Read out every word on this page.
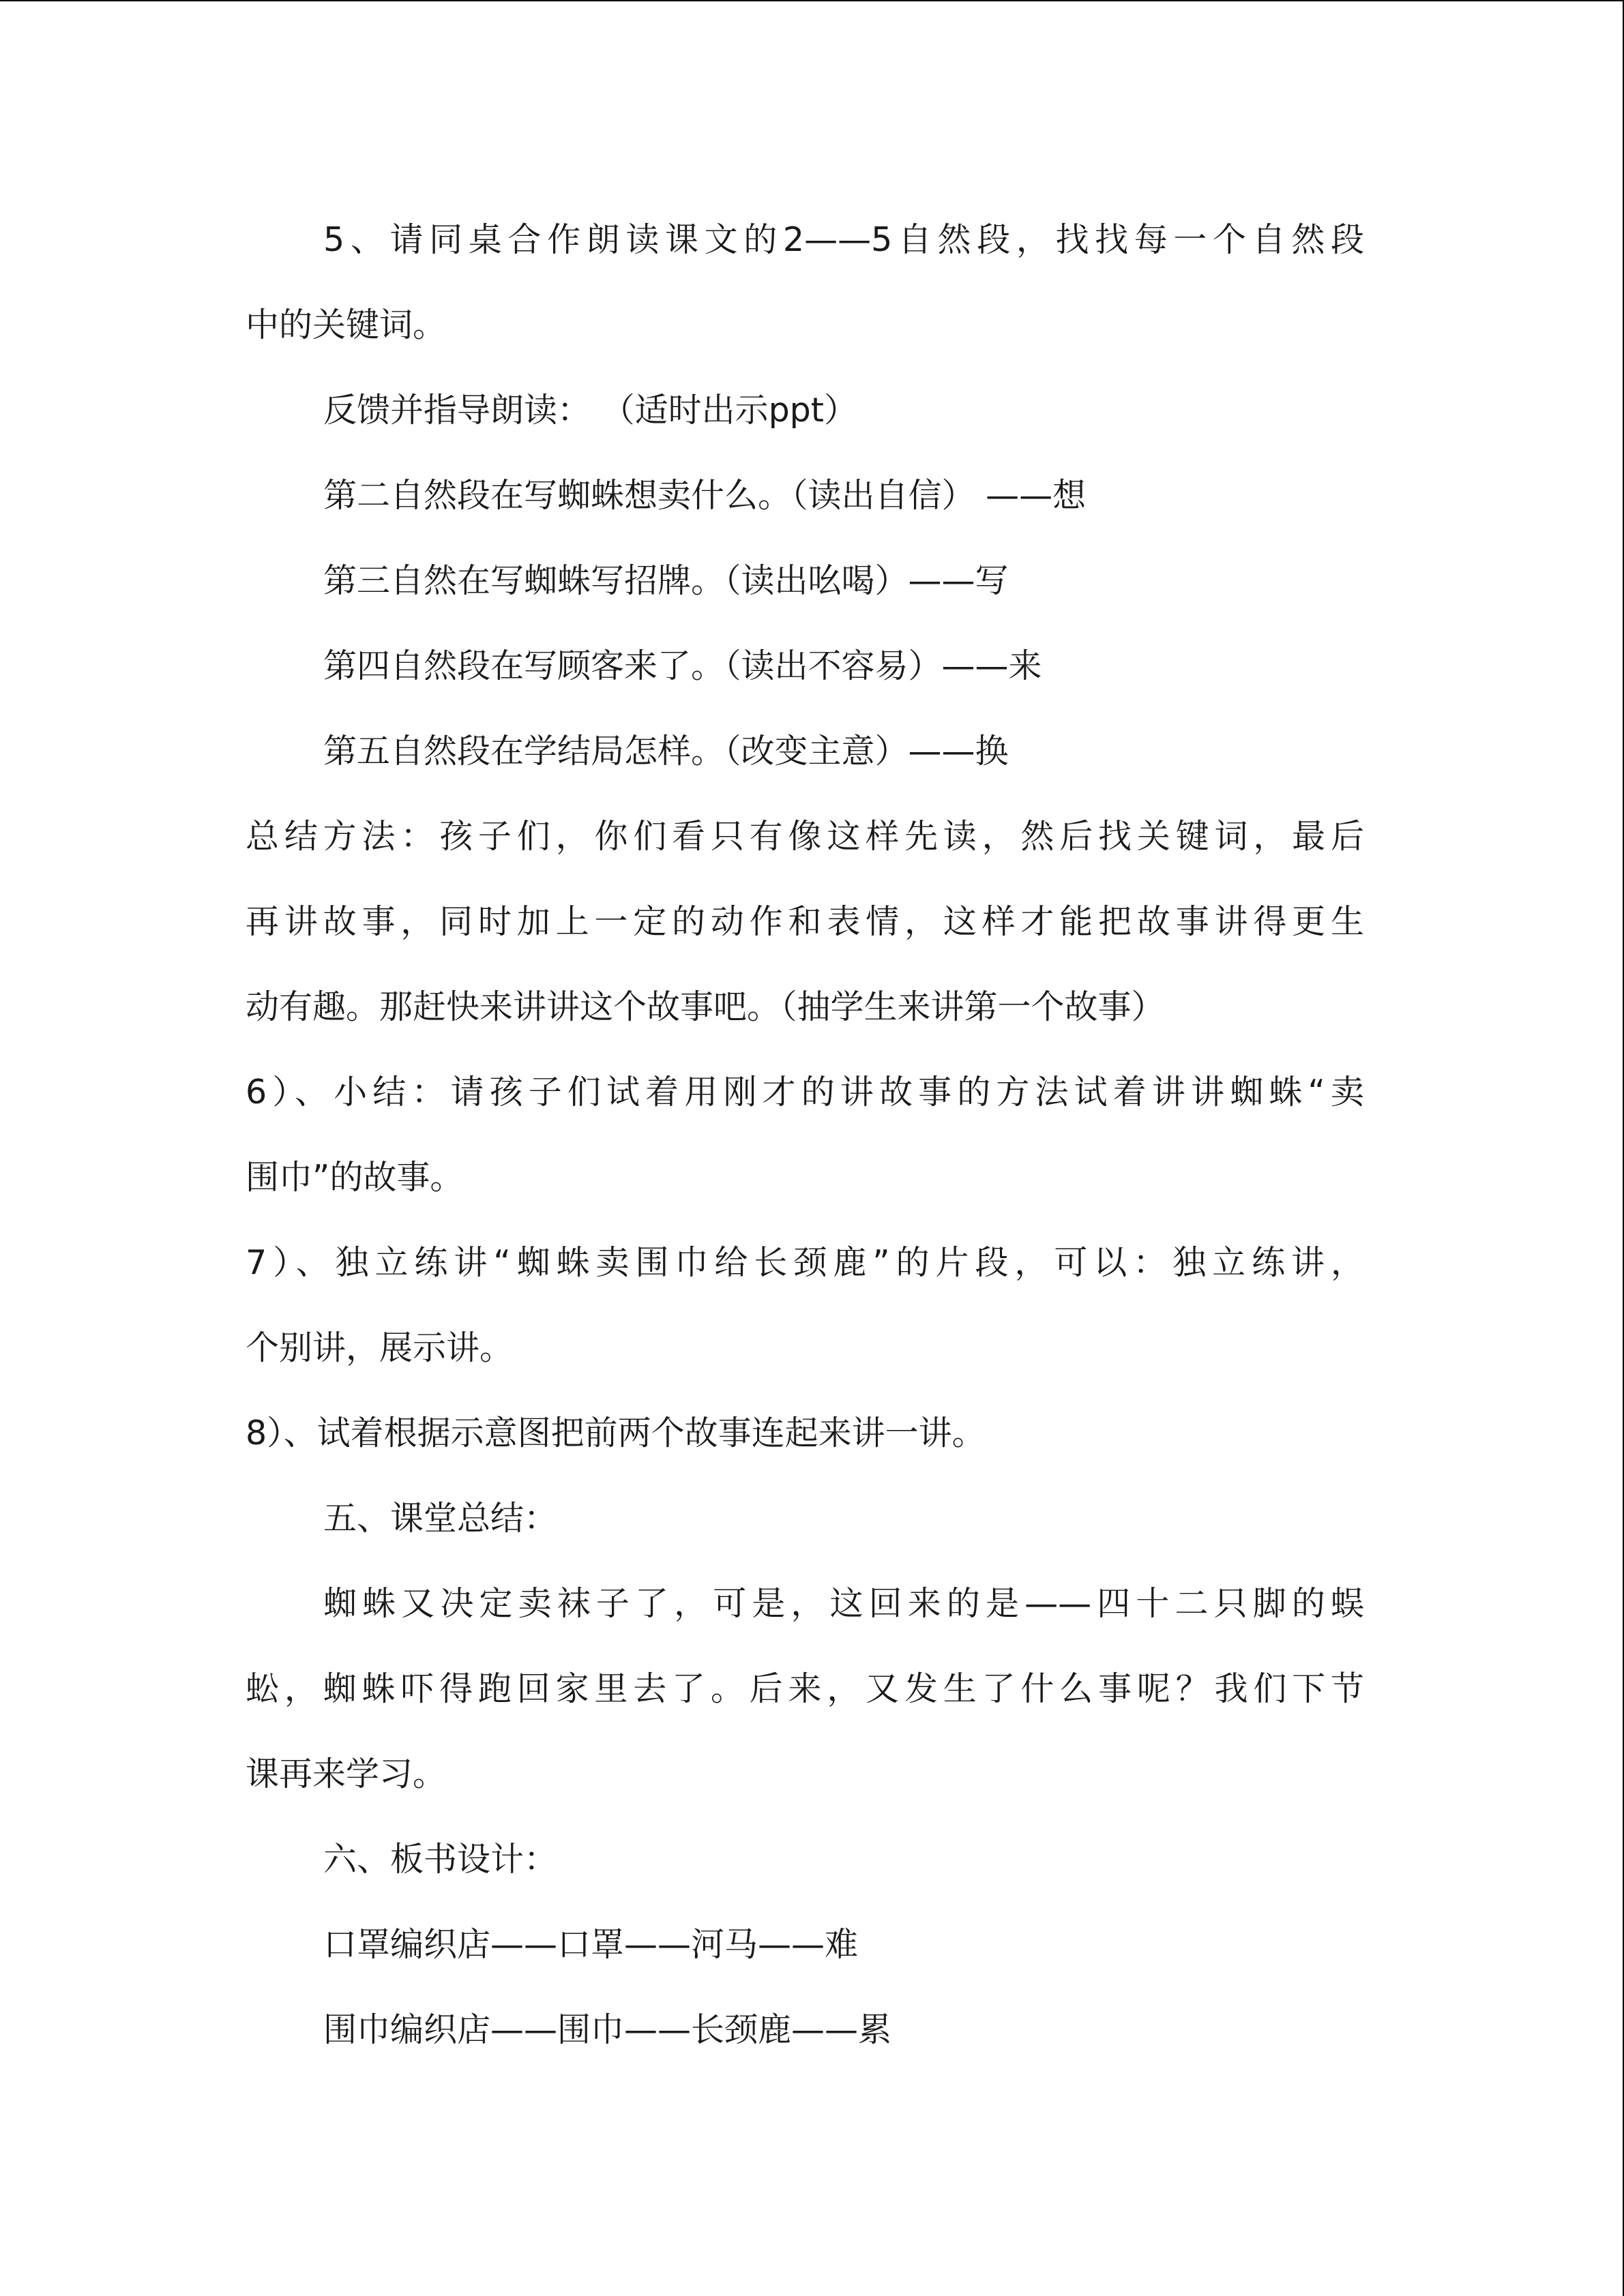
5、请同桌合作朗读课文的2——5自然段，找找每一个自然段
中的关键词。
反馈并指导朗读： （适时出示ppt）
第二自然段在写蜘蛛想卖什么。（读出自信） ——想
第三自然在写蜘蛛写招牌。（读出吆喝）——写
第四自然段在写顾客来了。（读出不容易）——来
第五自然段在学结局怎样。（改变主意）——换
总结方法：孩子们，你们看只有像这样先读，然后找关键词，最后
再讲故事，同时加上一定的动作和表情，这样才能把故事讲得更生
动有趣。那赶快来讲讲这个故事吧。（抽学生来讲第一个故事）
6）、小结：请孩子们试着用刚才的讲故事的方法试着讲讲蜘蛛“卖
围巾”的故事。
7）、独立练讲“蜘蛛卖围巾给长颈鹿”的片段，可以：独立练讲，
个别讲，展示讲。
8）、试着根据示意图把前两个故事连起来讲一讲。
五、课堂总结：
蜘蛛又决定卖袜子了，可是，这回来的是——四十二只脚的蜈
蚣，蜘蛛吓得跑回家里去了。后来，又发生了什么事呢？我们下节
课再来学习。
六、板书设计：
口罩编织店——口罩——河马——难
围巾编织店——围巾——长颈鹿——累
